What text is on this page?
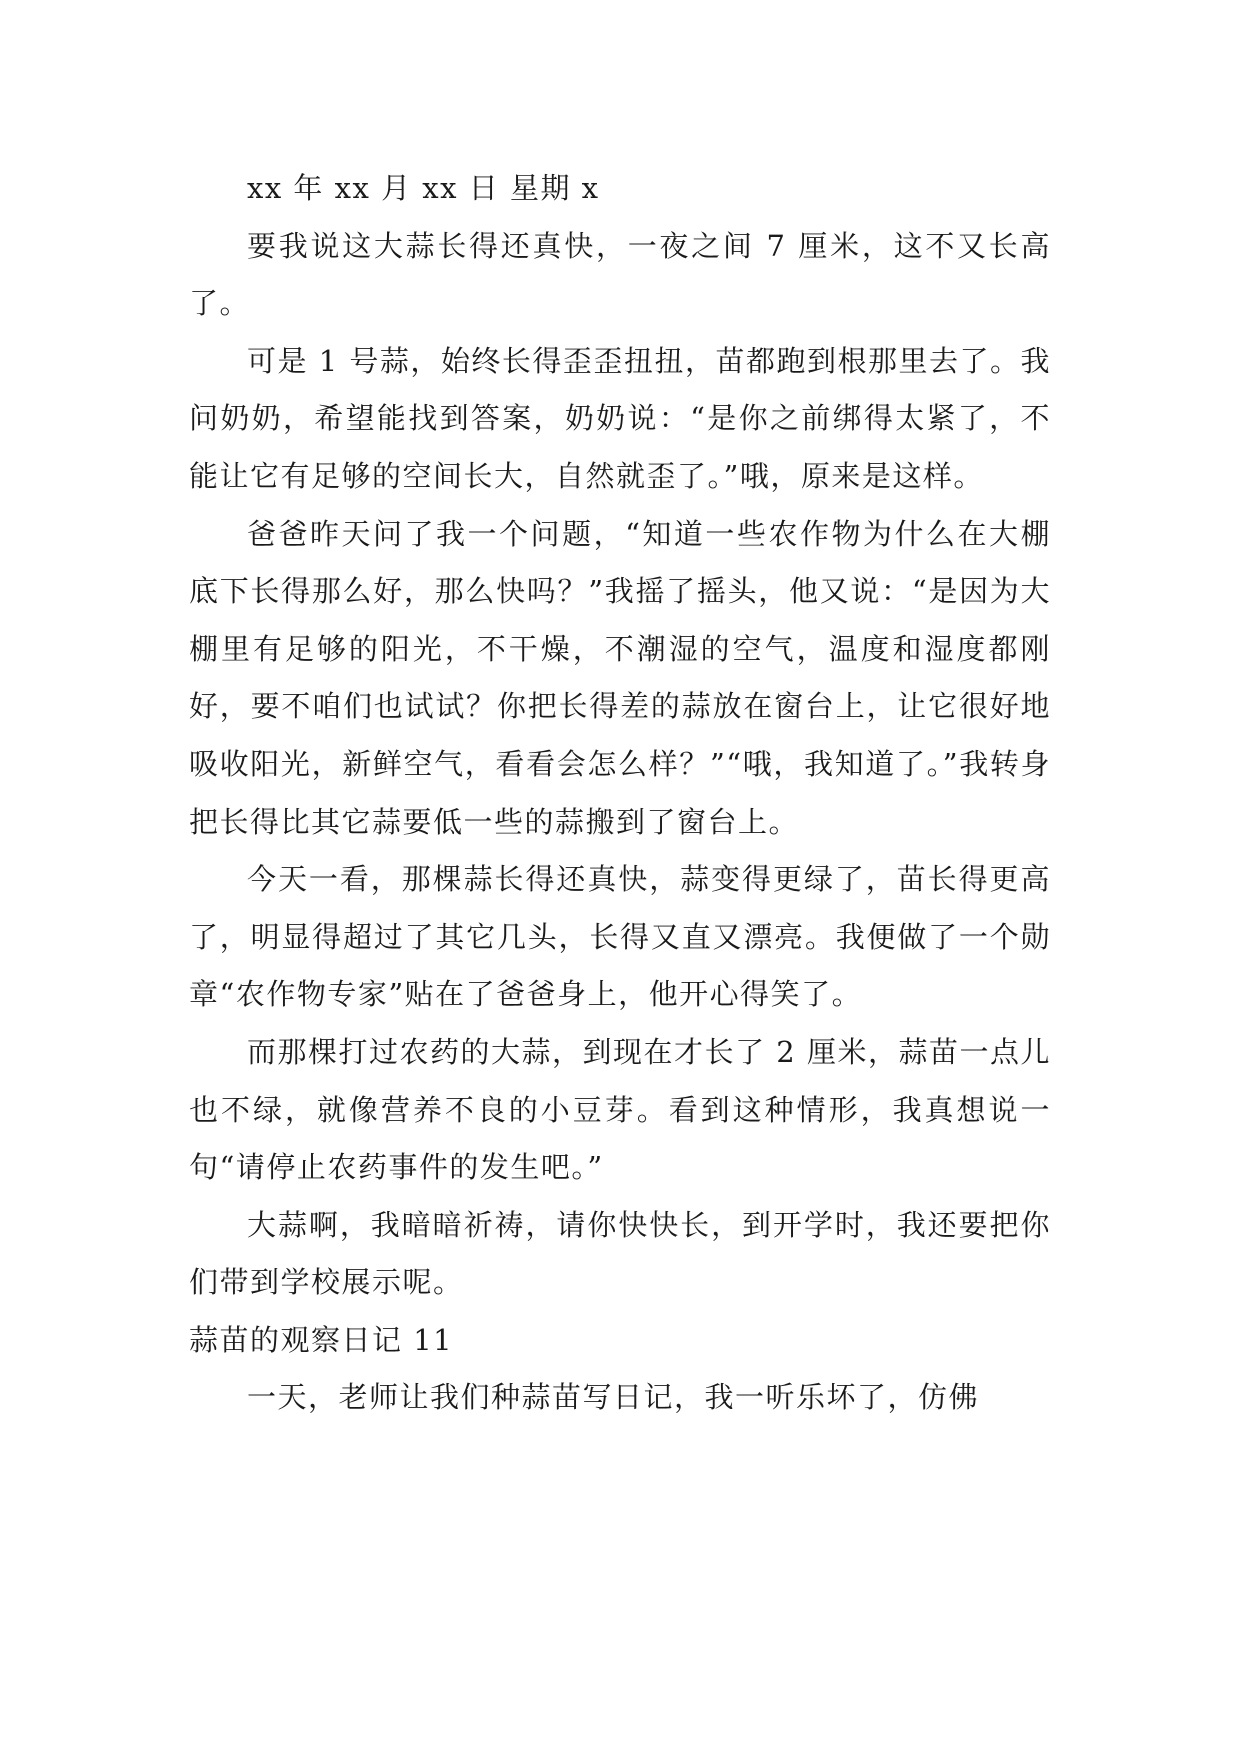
xx 年 xx 月 xx 日 星期 x

要我说这大蒜长得还真快，一夜之间 7 厘米，这不又长高了。

可是 1 号蒜，始终长得歪歪扭扭，苗都跑到根那里去了。我问奶奶，希望能找到答案，奶奶说：“是你之前绑得太紧了，不能让它有足够的空间长大，自然就歪了。”哦，原来是这样。

爸爸昨天问了我一个问题，“知道一些农作物为什么在大棚底下长得那么好，那么快吗？”我摇了摇头，他又说：“是因为大棚里有足够的阳光，不干燥，不潮湿的空气，温度和湿度都刚好，要不咱们也试试？你把长得差的蒜放在窗台上，让它很好地吸收阳光，新鲜空气，看看会怎么样？”“哦，我知道了。”我转身把长得比其它蒜要低一些的蒜搬到了窗台上。

今天一看，那棵蒜长得还真快，蒜变得更绿了，苗长得更高了，明显得超过了其它几头，长得又直又漂亮。我便做了一个勋章“农作物专家”贴在了爸爸身上，他开心得笑了。

而那棵打过农药的大蒜，到现在才长了 2 厘米，蒜苗一点儿也不绿，就像营养不良的小豆芽。看到这种情形，我真想说一句“请停止农药事件的发生吧。”

大蒜啊，我暗暗祈祷，请你快快长，到开学时，我还要把你们带到学校展示呢。

蒜苗的观察日记 11

一天，老师让我们种蒜苗写日记，我一听乐坏了，仿佛
